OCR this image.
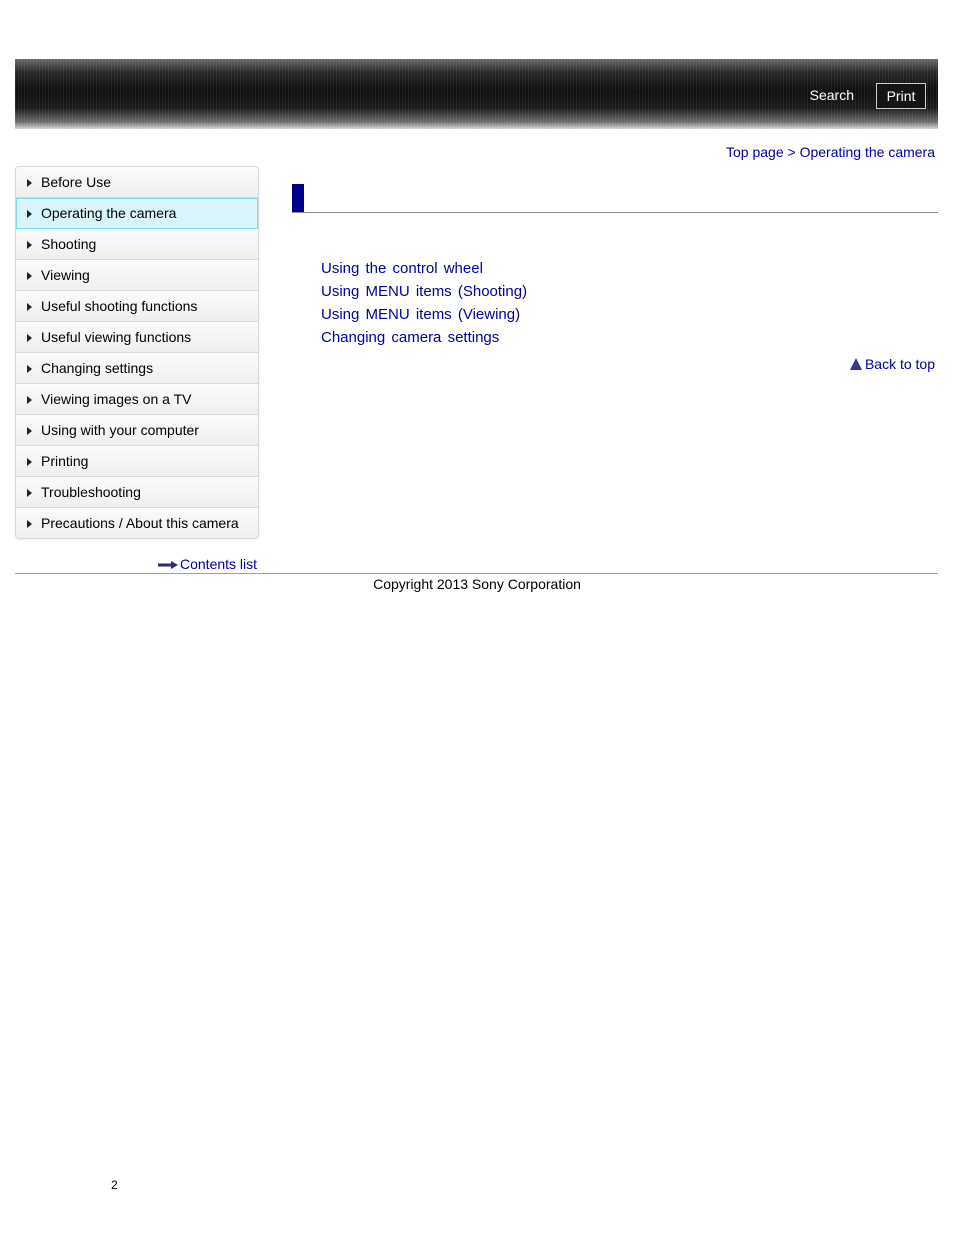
Search	Print
Top page > Operating the camera
Before Use
Operating the camera
Shooting
Viewing
Useful shooting functions
Useful viewing functions
Changing settings
Viewing images on a TV
Using with your computer
Printing
Troubleshooting
Precautions / About this camera
Contents list
Using the control wheel
Using MENU items (Shooting)
Using MENU items (Viewing)
Changing camera settings
Back to top
Copyright 2013 Sony Corporation
2
